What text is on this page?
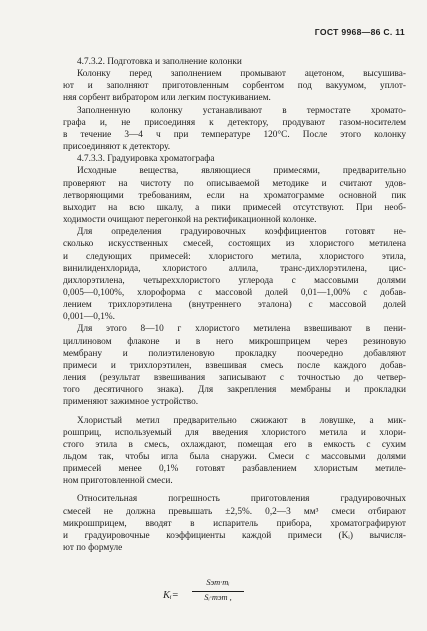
ГОСТ 9968—86 С. 11
4.7.3.2. Подготовка и заполнение колонки
Колонку перед заполнением промывают ацетоном, высушива-
ют и заполняют приготовленным сорбентом под вакуумом, уплот-
няя сорбент вибратором или легким постукиванием.
Заполненную колонку устанавливают в термостате хромато-
графа и, не присоединяя к детектору, продувают газом-носителем
в течение 3—4 ч при температуре 120°С. После этого колонку
присоединяют к детектору.
4.7.3.3. Градуировка хроматографа
Исходные вещества, являющиеся примесями, предварительно
проверяют на чистоту по описываемой методике и считают удов-
летворяющими требованиям, если на хроматограмме основной пик
выходит на всю шкалу, а пики примесей отсутствуют. При необ-
ходимости очищают перегонкой на ректификационной колонке.
Для определения градуировочных коэффициентов готовят не-
сколько искусственных смесей, состоящих из хлористого метилена
и следующих примесей: хлористого метила, хлористого этила,
винилиденхлорида, хлористого аллила, транс-дихлорэтилена, цис-
дихлорэтилена, четыреххлористого углерода с массовыми долями
0,005—0,100%, хлороформа с массовой долей 0,01—1,00% с добав-
лением трихлорэтилена (внутреннего эталона) с массовой долей
0,001—0,1%.
Для этого 8—10 г хлористого метилена взвешивают в пени-
циллиновом флаконе и в него микрошприцем через резиновую
мембрану и полиэтиленовую прокладку поочередно добавляют
примеси и трихлорэтилен, взвешивая смесь после каждого добав-
ления (результат взвешивания записывают с точностью до четвер-
того десятичного знака). Для закрепления мембраны и прокладки
применяют зажимное устройство.
Хлористый метил предварительно сжижают в ловушке, а мик-
рошприц, используемый для введения хлористого метила и хлори-
стого этила в смесь, охлаждают, помещая его в емкость с сухим
льдом так, чтобы игла была снаружи. Смеси с массовыми долями
примесей менее 0,1% готовят разбавлением хлористым метиле-
ном приготовленной смеси.
Относительная погрешность приготовления градуировочных
смесей не должна превышать ±2,5%. 0,2—3 мм³ смеси отбирают
микрошприцем, вводят в испаритель прибора, хроматографируют
и градуировочные коэффициенты каждой примеси (Kᵢ) вычисля-
ют по формуле
Kᵢ=
Sэт·mᵢ
Sᵢ·mэт ,
